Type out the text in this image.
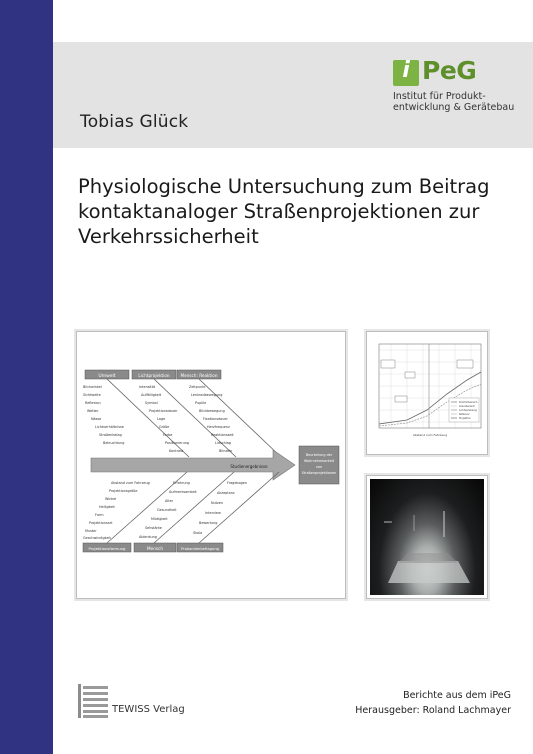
Tobias Glück
i PeG
Institut für Produkt-
entwicklung & Gerätebau
Physiologische Untersuchung zum Beitrag
kontaktanaloger Straßenprojektionen zur
Verkehrssicherheit
Umwelt	Lichtprojektion	Mensch: Reaktion
Blickwinkel
Sichtweite
Reflexion
Wetter
Nässe
Lichtverhältnisse
Straßenbelag
Beleuchtung
Intensität
Auffälligkeit
Symbol
Projektionsdauer
Lage
Größe
Farbe
Positionierung
Kontrast
Zeitpunkt
Lenkradbewegung
Pupille
Blickbewegung
Fixationsdauer
Herzfrequenz
Reaktionszeit
Lidschlag
Blinzeln
Studienergebnisse
Beurteilung der
Wahrnehmbarkeit
von
Straßenprojektionen
Abstand zum Fahrzeug
Projektionsgröße
Winkel
Helligkeit
Form
Projektionsart
Muster
Geschwindigkeit
Erfahrung
Aufmerksamkeit
Alter
Gesundheit
Müdigkeit
Sehstärke
Ablenkung
Fragebogen
Akzeptanz
Nutzen
Interview
Bewertung
Skala
Projektionsformung	Mensch	Probandenbefragung
Komfortbereich
Grenzbereich
Lichtverteilung
Referenz
Projektion
Abstand zum Fahrzeug
TEWISS Verlag
Berichte aus dem iPeG
Herausgeber: Roland Lachmayer
